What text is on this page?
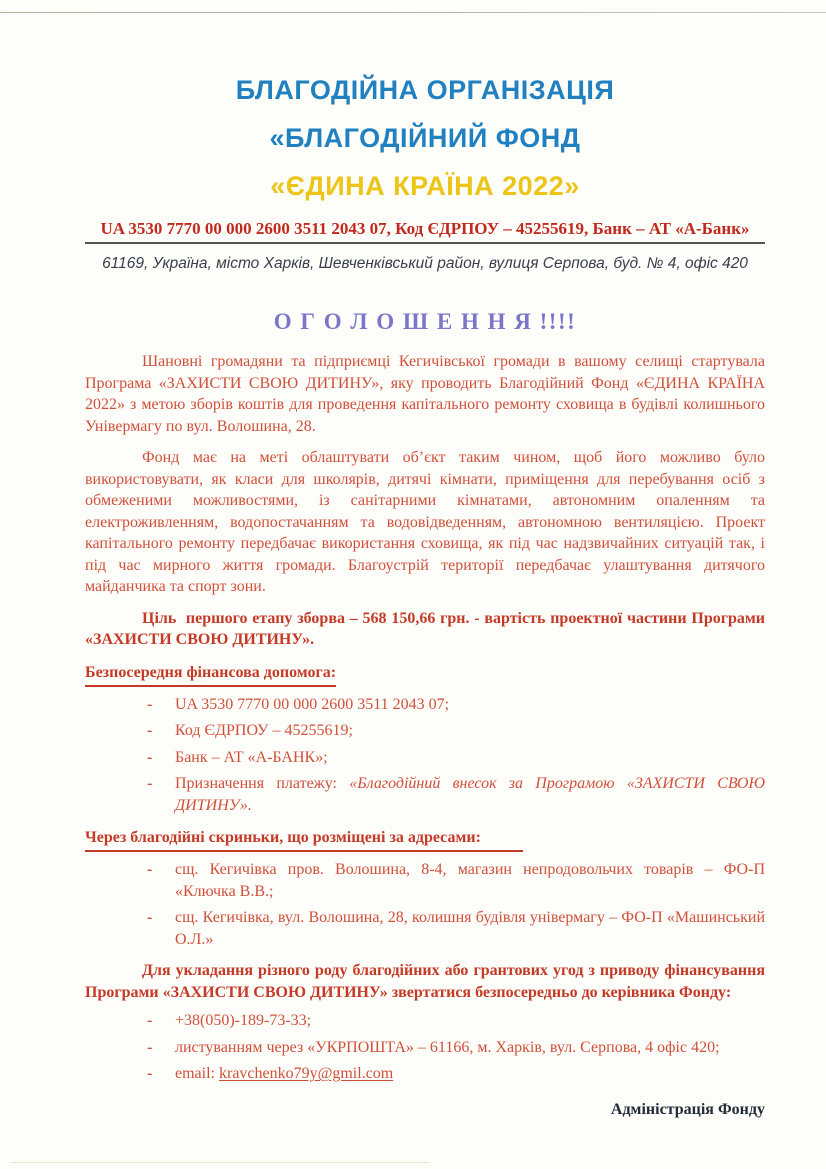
БЛАГОДІЙНА ОРГАНІЗАЦІЯ
«БЛАГОДІЙНИЙ ФОНД
«ЄДИНА КРАЇНА 2022»
UA 3530 7770 00 000 2600 3511 2043 07, Код ЄДРПОУ – 45255619, Банк – АТ «А-Банк»
61169, Україна, місто Харків, Шевченківський район, вулиця Серпова, буд. № 4, офіс 420
О Г О Л О Ш Е Н Н Я !!!!

Шановні громадяни та підприємці Кегичівської громади в вашому селищі стартувала Програма «ЗАХИСТИ СВОЮ ДИТИНУ», яку проводить Благодійний Фонд «ЄДИНА КРАЇНА 2022» з метою зборів коштів для проведення капітального ремонту сховища в будівлі колишнього Універмагу по вул. Волошина, 28.

Фонд має на меті облаштувати об’єкт таким чином, щоб його можливо було використовувати, як класи для школярів, дитячі кімнати, приміщення для перебування осіб з обмеженими можливостями, із санітарними кімнатами, автономним опаленням та електроживленням, водопостачанням та водовідведенням, автономною вентиляцією. Проект капітального ремонту передбачає використання сховища, як під час надзвичайних ситуацій так, і під час мирного життя громади. Благоустрій території передбачає улаштування дитячого майданчика та спорт зони.

Ціль  першого етапу зборва – 568 150,66 грн. - вартість проектної частини Програми «ЗАХИСТИ СВОЮ ДИТИНУ».

Безпосередня фінансова допомога:
-	UA 3530 7770 00 000 2600 3511 2043 07;
-	Код ЄДРПОУ – 45255619;
-	Банк – АТ «А-БАНК»;
-	Призначення платежу: «Благодійний внесок за Програмою «ЗАХИСТИ СВОЮ ДИТИНУ».
Через благодійні скриньки, що розміщені за адресами:
-	сщ. Кегичівка пров. Волошина, 8-4, магазин непродовольчих товарів – ФО-П «Ключка В.В.;
-	сщ. Кегичівка, вул. Волошина, 28, колишня будівля універмагу – ФО-П «Машинський О.Л.»

Для укладання різного роду благодійних або грантових угод з приводу фінансування Програми «ЗАХИСТИ СВОЮ ДИТИНУ» звертатися безпосередньо до керівника Фонду:

-	+38(050)-189-73-33;
-	листуванням через «УКРПОШТА» – 61166, м. Харків, вул. Серпова, 4 офіс 420;
-	email: kravchenko79y@gmil.com
Адміністрація Фонду
